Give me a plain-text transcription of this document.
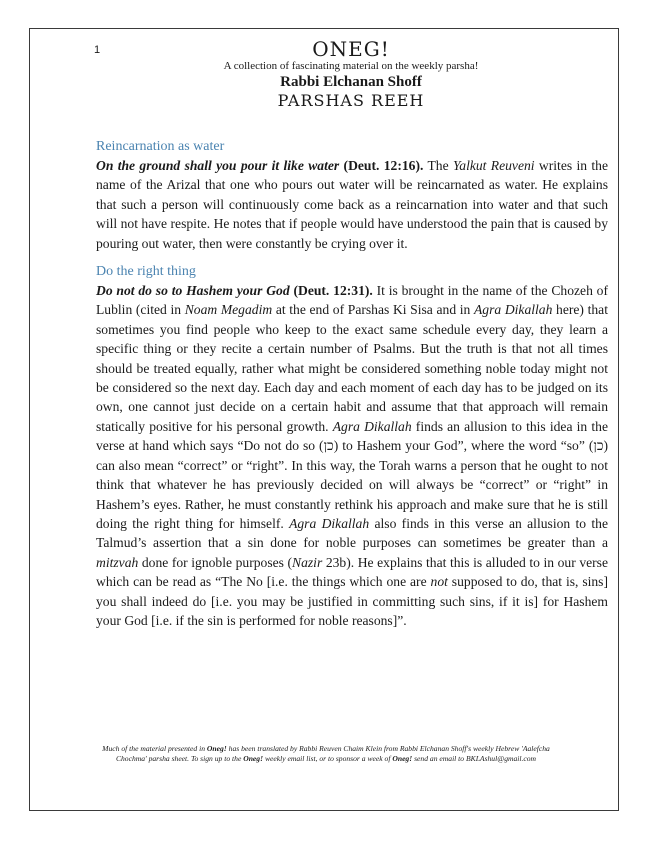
1	ONEG!
A collection of fascinating material on the weekly parsha!
Rabbi Elchanan Shoff
PARSHAS REEH

Reincarnation as water

On the ground shall you pour it like water (Deut. 12:16). The Yalkut Reuveni writes in the name of the Arizal that one who pours out water will be reincarnated as water. He explains that such a person will continuously come back as a reincarnation into water and that such will not have respite. He notes that if people would have understood the pain that is caused by pouring out water, then were constantly be crying over it.

Do the right thing

Do not do so to Hashem your God (Deut. 12:31). It is brought in the name of the Chozeh of Lublin (cited in Noam Megadim at the end of Parshas Ki Sisa and in Agra Dikallah here) that sometimes you find people who keep to the exact same schedule every day, they learn a specific thing or they recite a certain number of Psalms. But the truth is that not all times should be treated equally, rather what might be considered something noble today might not be considered so the next day. Each day and each moment of each day has to be judged on its own, one cannot just decide on a certain habit and assume that that approach will remain statically positive for his personal growth. Agra Dikallah finds an allusion to this idea in the verse at hand which says “Do not do so (כן) to Hashem your God”, where the word “so” (כן) can also mean “correct” or “right”. In this way, the Torah warns a person that he ought to not think that whatever he has previously decided on will always be “correct” or “right” in Hashem’s eyes. Rather, he must constantly rethink his approach and make sure that he is still doing the right thing for himself. Agra Dikallah also finds in this verse an allusion to the Talmud’s assertion that a sin done for noble purposes can sometimes be greater than a mitzvah done for ignoble purposes (Nazir 23b). He explains that this is alluded to in our verse which can be read as “The No [i.e. the things which one are not supposed to do, that is, sins] you shall indeed do [i.e. you may be justified in committing such sins, if it is] for Hashem your God [i.e. if the sin is performed for noble reasons]”.

Much of the material presented in Oneg! has been translated by Rabbi Reuven Chaim Klein from Rabbi Elchanan Shoff's weekly Hebrew 'Aalefcha Chochma' parsha sheet. To sign up to the Oneg! weekly email list, or to sponsor a week of Oneg! send an email to BKLAshul@gmail.com
